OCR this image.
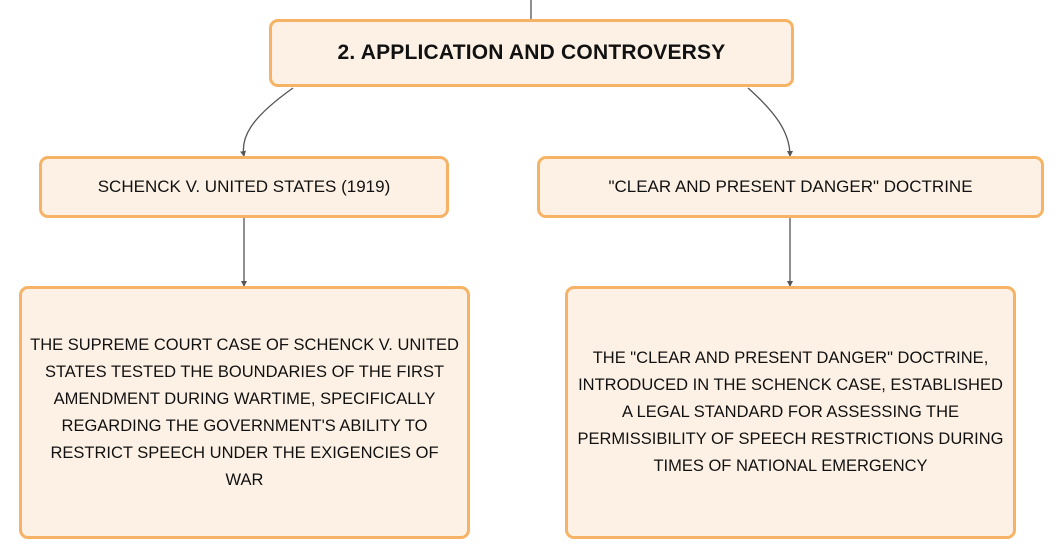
2. APPLICATION AND CONTROVERSY
SCHENCK V. UNITED STATES (1919)	"CLEAR AND PRESENT DANGER" DOCTRINE
THE SUPREME COURT CASE OF SCHENCK V. UNITED STATES TESTED THE BOUNDARIES OF THE FIRST AMENDMENT DURING WARTIME, SPECIFICALLY REGARDING THE GOVERNMENT'S ABILITY TO RESTRICT SPEECH UNDER THE EXIGENCIES OF WAR
THE "CLEAR AND PRESENT DANGER" DOCTRINE, INTRODUCED IN THE SCHENCK CASE, ESTABLISHED A LEGAL STANDARD FOR ASSESSING THE PERMISSIBILITY OF SPEECH RESTRICTIONS DURING TIMES OF NATIONAL EMERGENCY
